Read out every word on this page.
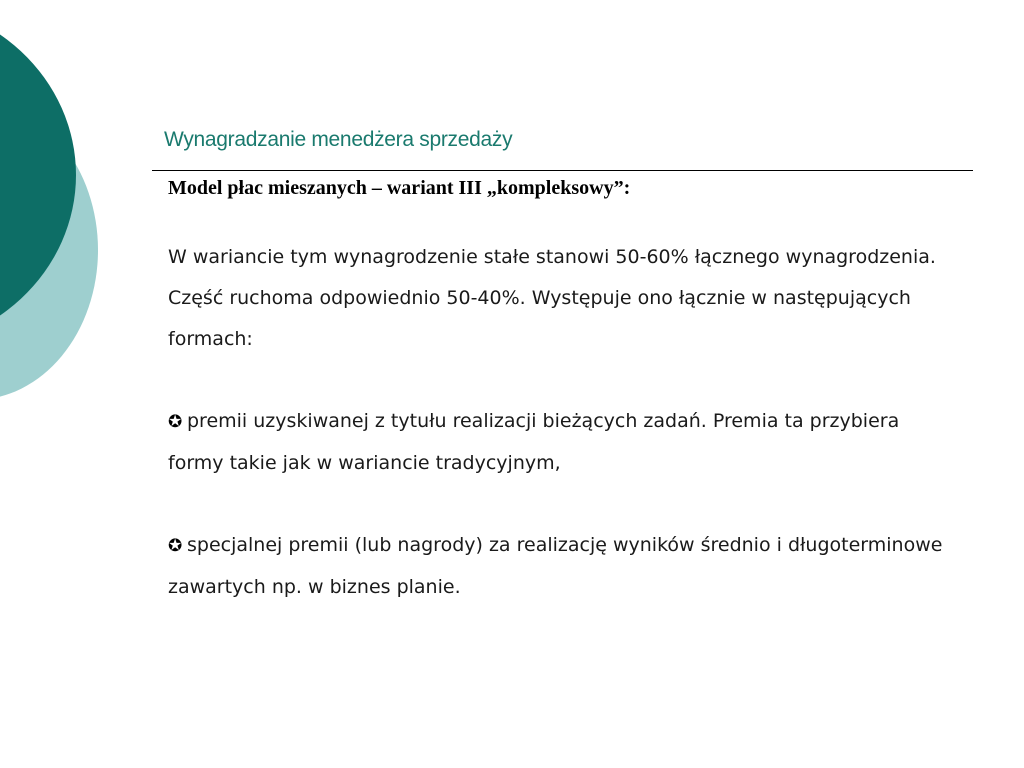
Wynagradzanie menedżera sprzedaży
Model płac mieszanych – wariant III „kompleksowy”:

W wariancie tym wynagrodzenie stałe stanowi 50-60% łącznego wynagrodzenia. Część ruchoma odpowiednio 50-40%. Występuje ono łącznie w następujących formach:

✪ premii uzyskiwanej z tytułu realizacji bieżących zadań. Premia ta przybiera formy takie jak w wariancie tradycyjnym,

✪ specjalnej premii (lub nagrody) za realizację wyników średnio i długoterminowe zawartych np. w biznes planie.
